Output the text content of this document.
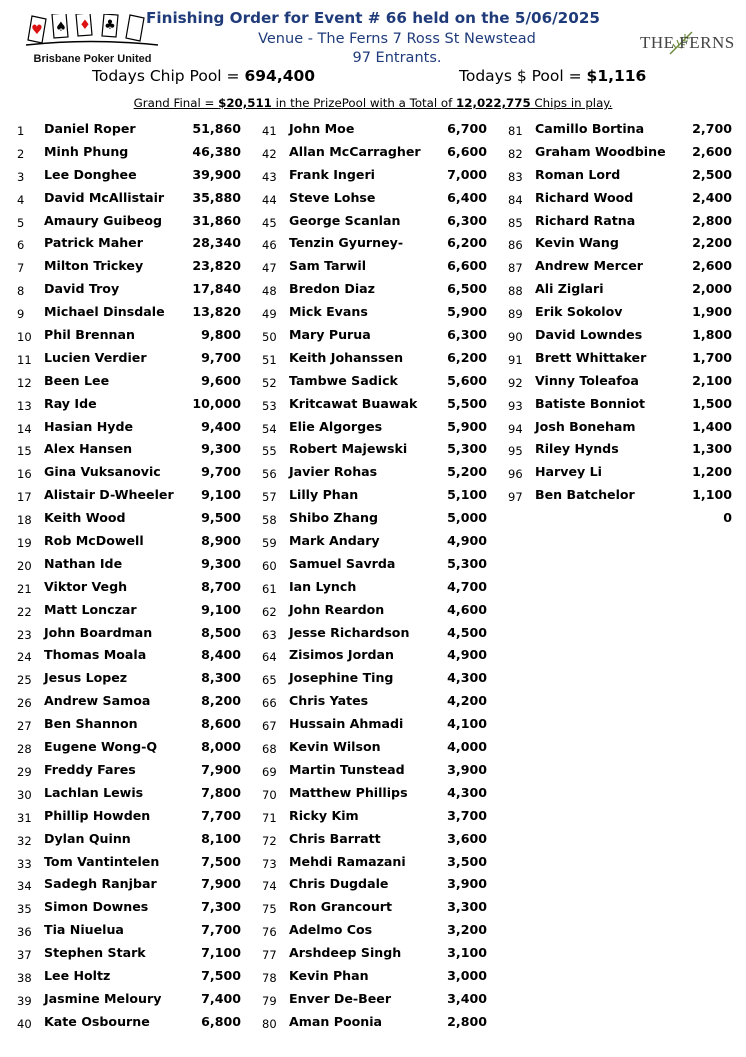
♥ ♠ ♦ ♣
Brisbane Poker United
THE FERNS
Finishing Order for Event # 66 held on the 5/06/2025
Venue - The Ferns 7 Ross St Newstead
97 Entrants.
Todays Chip Pool = 694,400	Todays $ Pool = $1,116
Grand Final = $20,511 in the PrizePool with a Total of 12,022,775 Chips in play.
1 Daniel Roper	51,860
2 Minh Phung	46,380
3 Lee Donghee	39,900
4 David McAllistair 35,880
5 Amaury Guibeog 31,860
6 Patrick Maher	28,340
7 Milton Trickey	23,820
8 David Troy	17,840
9 Michael Dinsdale 13,820
10 Phil Brennan	9,800
11 Lucien Verdier	9,700
12 Been Lee	9,600
13 Ray Ide	10,000
14 Hasian Hyde	9,400
15 Alex Hansen	9,300
16 Gina Vuksanovic	9,700
17 Alistair D-Wheeler 9,100
18 Keith Wood	9,500
19 Rob McDowell	8,900
20 Nathan Ide	9,300
21 Viktor Vegh	8,700
22 Matt Lonczar	9,100
23 John Boardman	8,500
24 Thomas Moala	8,400
25 Jesus Lopez	8,300
26 Andrew Samoa	8,200
27 Ben Shannon	8,600
28 Eugene Wong-Q	8,000
29 Freddy Fares	7,900
30 Lachlan Lewis	7,800
31 Phillip Howden	7,700
32 Dylan Quinn	8,100
33 Tom Vantintelen	7,500
34 Sadegh Ranjbar	7,900
35 Simon Downes	7,300
36 Tia Niuelua	7,700
37 Stephen Stark	7,100
38 Lee Holtz	7,500
39 Jasmine Meloury	7,400
40 Kate Osbourne	6,800
41 John Moe	6,700
42 Allan McCarragher 6,600
43 Frank Ingeri	7,000
44 Steve Lohse	6,400
45 George Scanlan	6,300
46 Tenzin Gyurney-	6,200
47 Sam Tarwil	6,600
48 Bredon Diaz	6,500
49 Mick Evans	5,900
50 Mary Purua	6,300
51 Keith Johanssen	6,200
52 Tambwe Sadick	5,600
53 Kritcawat Buawak 5,500
54 Elie Algorges	5,900
55 Robert Majewski	5,300
56 Javier Rohas	5,200
57 Lilly Phan	5,100
58 Shibo Zhang	5,000
59 Mark Andary	4,900
60 Samuel Savrda	5,300
61 Ian Lynch	4,700
62 John Reardon	4,600
63 Jesse Richardson	4,500
64 Zisimos Jordan	4,900
65 Josephine Ting	4,300
66 Chris Yates	4,200
67 Hussain Ahmadi	4,100
68 Kevin Wilson	4,000
69 Martin Tunstead	3,900
70 Matthew Phillips	4,300
71 Ricky Kim	3,700
72 Chris Barratt	3,600
73 Mehdi Ramazani	3,500
74 Chris Dugdale	3,900
75 Ron Grancourt	3,300
76 Adelmo Cos	3,200
77 Arshdeep Singh	3,100
78 Kevin Phan	3,000
79 Enver De-Beer	3,400
80 Aman Poonia	2,800
81 Camillo Bortina	2,700
82 Graham Woodbine 2,600
83 Roman Lord	2,500
84 Richard Wood	2,400
85 Richard Ratna	2,800
86 Kevin Wang	2,200
87 Andrew Mercer	2,600
88 Ali Ziglari	2,000
89 Erik Sokolov	1,900
90 David Lowndes	1,800
91 Brett Whittaker	1,700
92 Vinny Toleafoa	2,100
93 Batiste Bonniot	1,500
94 Josh Boneham	1,400
95 Riley Hynds	1,300
96 Harvey Li	1,200
97 Ben Batchelor	1,100
0
